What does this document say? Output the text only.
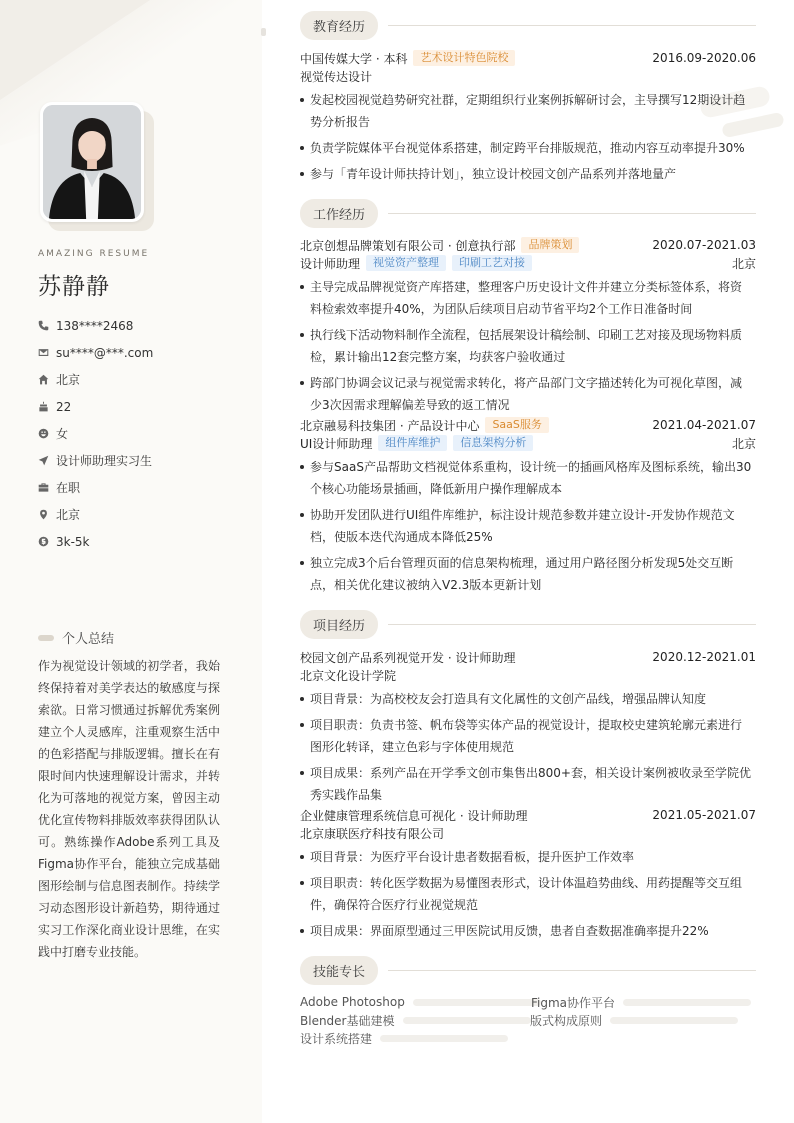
AMAZING RESUME
苏静静
138****2468
su****@***.com
北京
22
女
设计师助理实习生
在职
北京
3k-5k
个人总结
作为视觉设计领域的初学者，我始终保持着对美学表达的敏感度与探索欲。日常习惯通过拆解优秀案例建立个人灵感库，注重观察生活中的色彩搭配与排版逻辑。擅长在有限时间内快速理解设计需求，并转化为可落地的视觉方案，曾因主动优化宣传物料排版效率获得团队认可。熟练操作Adobe系列工具及Figma协作平台，能独立完成基础图形绘制与信息图表制作。持续学习动态图形设计新趋势，期待通过实习工作深化商业设计思维，在实践中打磨专业技能。
教育经历
中国传媒大学 · 本科	艺术设计特色院校	2016.09-2020.06
视觉传达设计
发起校园视觉趋势研究社群，定期组织行业案例拆解研讨会，主导撰写12期设计趋势分析报告
负责学院媒体平台视觉体系搭建，制定跨平台排版规范，推动内容互动率提升30%
参与「青年设计师扶持计划」，独立设计校园文创产品系列并落地量产
工作经历
北京创想品牌策划有限公司 · 创意执行部	品牌策划	2020.07-2021.03
设计师助理	视觉资产整理	印刷工艺对接	北京
主导完成品牌视觉资产库搭建，整理客户历史设计文件并建立分类标签体系，将资料检索效率提升40%，为团队后续项目启动节省平均2个工作日准备时间
执行线下活动物料制作全流程，包括展架设计稿绘制、印刷工艺对接及现场物料质检，累计输出12套完整方案，均获客户验收通过
跨部门协调会议记录与视觉需求转化，将产品部门文字描述转化为可视化草图，减少3次因需求理解偏差导致的返工情况
北京融易科技集团 · 产品设计中心	SaaS服务	2021.04-2021.07
UI设计师助理	组件库维护	信息架构分析	北京
参与SaaS产品帮助文档视觉体系重构，设计统一的插画风格库及图标系统，输出30个核心功能场景插画，降低新用户操作理解成本
协助开发团队进行UI组件库维护，标注设计规范参数并建立设计-开发协作规范文档，使版本迭代沟通成本降低25%
独立完成3个后台管理页面的信息架构梳理，通过用户路径图分析发现5处交互断点，相关优化建议被纳入V2.3版本更新计划
项目经历
校园文创产品系列视觉开发 · 设计师助理	2020.12-2021.01
北京文化设计学院
项目背景：为高校校友会打造具有文化属性的文创产品线，增强品牌认知度
项目职责：负责书签、帆布袋等实体产品的视觉设计，提取校史建筑轮廓元素进行图形化转译，建立色彩与字体使用规范
项目成果：系列产品在开学季文创市集售出800+套，相关设计案例被收录至学院优秀实践作品集
企业健康管理系统信息可视化 · 设计师助理	2021.05-2021.07
北京康联医疗科技有限公司
项目背景：为医疗平台设计患者数据看板，提升医护工作效率
项目职责：转化医学数据为易懂图表形式，设计体温趋势曲线、用药提醒等交互组件，确保符合医疗行业视觉规范
项目成果：界面原型通过三甲医院试用反馈，患者自查数据准确率提升22%
技能专长
Adobe Photoshop	Figma协作平台
Blender基础建模	版式构成原则
设计系统搭建
